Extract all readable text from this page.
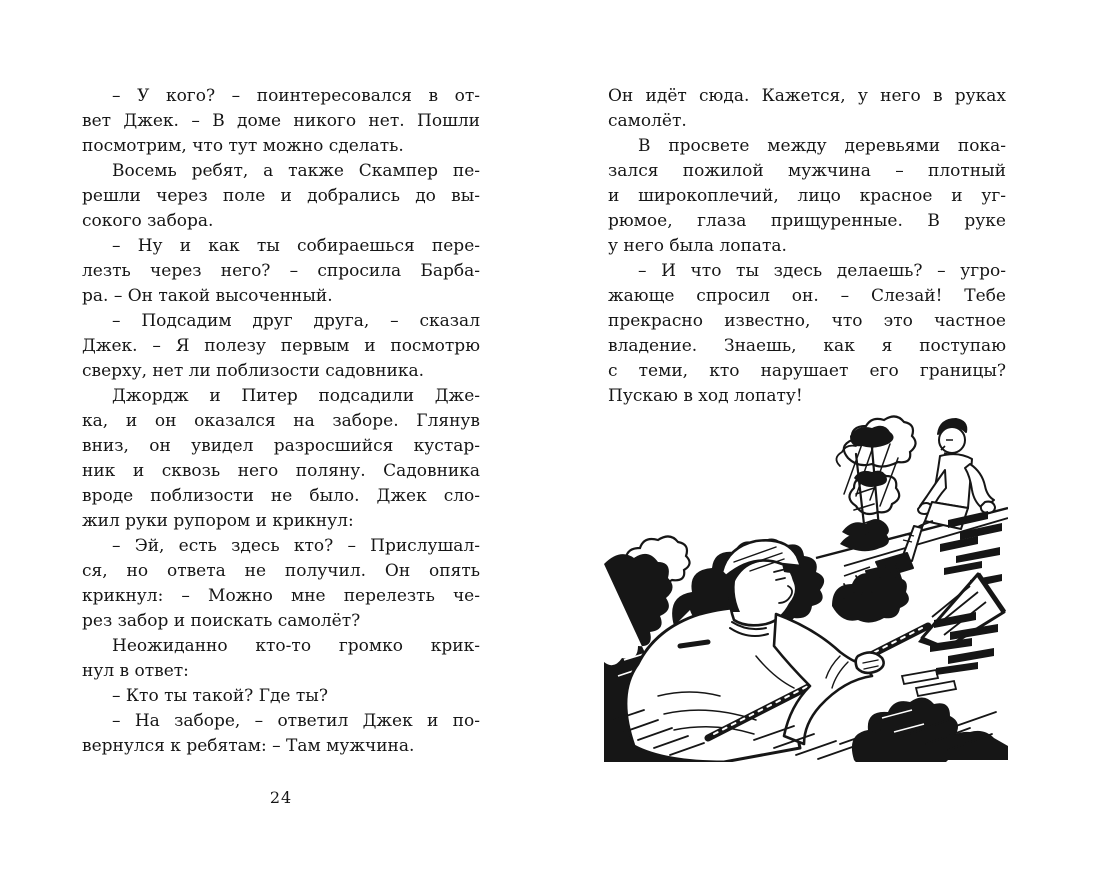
– У кого? – поинтересовался в от-
вет Джек. – В доме никого нет. Пошли
посмотрим, что тут можно сделать.
Восемь ребят, а также Скампер пе-
решли через поле и добрались до вы-
сокого забора.
– Ну и как ты собираешься пере-
лезть через него? – спросила Барба-
ра. – Он такой высоченный.
– Подсадим друг друга, – сказал
Джек. – Я полезу первым и посмотрю
сверху, нет ли поблизости садовника.
Джордж и Питер подсадили Дже-
ка, и он оказался на заборе. Глянув
вниз, он увидел разросшийся кустар-
ник и сквозь него поляну. Садовника
вроде поблизости не было. Джек сло-
жил руки рупором и крикнул:
– Эй, есть здесь кто? – Прислушал-
ся, но ответа не получил. Он опять
крикнул: – Можно мне перелезть че-
рез забор и поискать самолёт?
Неожиданно кто-то громко крик-
нул в ответ:
– Кто ты такой? Где ты?
– На заборе, – ответил Джек и по-
вернулся к ребятам: – Там мужчина.
Он идёт сюда. Кажется, у него в руках
самолёт.
В просвете между деревьями пока-
зался пожилой мужчина – плотный
и широкоплечий, лицо красное и уг-
рюмое, глаза прищуренные. В руке
у него была лопата.
– И что ты здесь делаешь? – угро-
жающе спросил он. – Слезай! Тебе
прекрасно известно, что это частное
владение. Знаешь, как я поступаю
с теми, кто нарушает его границы?
Пускаю в ход лопату!
24
